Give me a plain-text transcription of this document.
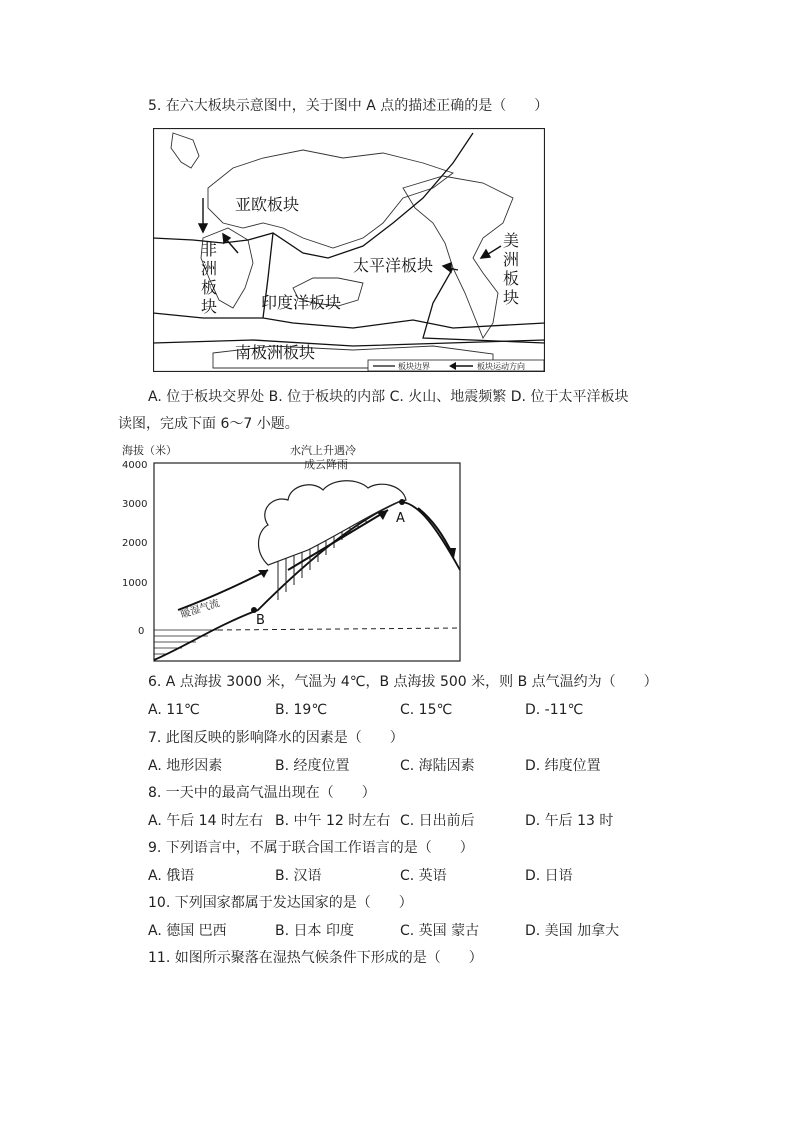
5. 在六大板块示意图中，关于图中 A 点的描述正确的是（　　）
亚欧板块
非
洲
板
块
太平洋板块
美
洲
板
块
印度洋板块
南极洲板块
板块边界	板块运动方向
A. 位于板块交界处 B. 位于板块的内部 C. 火山、地震频繁 D. 位于太平洋板块
读图，完成下面 6～7 小题。
海拔（米）
4000
3000
2000
1000
0
暖湿气流
水汽上升遇冷
成云降雨
A
B
6. A 点海拔 3000 米，气温为 4℃，B 点海拔 500 米，则 B 点气温约为（　　）
A. 11℃	B. 19℃	C. 15℃	D. -11℃
7. 此图反映的影响降水的因素是（　　）
A. 地形因素	B. 经度位置	C. 海陆因素	D. 纬度位置
8. 一天中的最高气温出现在（　　）
A. 午后 14 时左右 B. 中午 12 时左右 C. 日出前后	D. 午后 13 时
9. 下列语言中，不属于联合国工作语言的是（　　）
A. 俄语	B. 汉语	C. 英语	D. 日语
10. 下列国家都属于发达国家的是（　　）
A. 德国 巴西	B. 日本 印度	C. 英国 蒙古	D. 美国 加拿大
11. 如图所示聚落在湿热气候条件下形成的是（　　）
